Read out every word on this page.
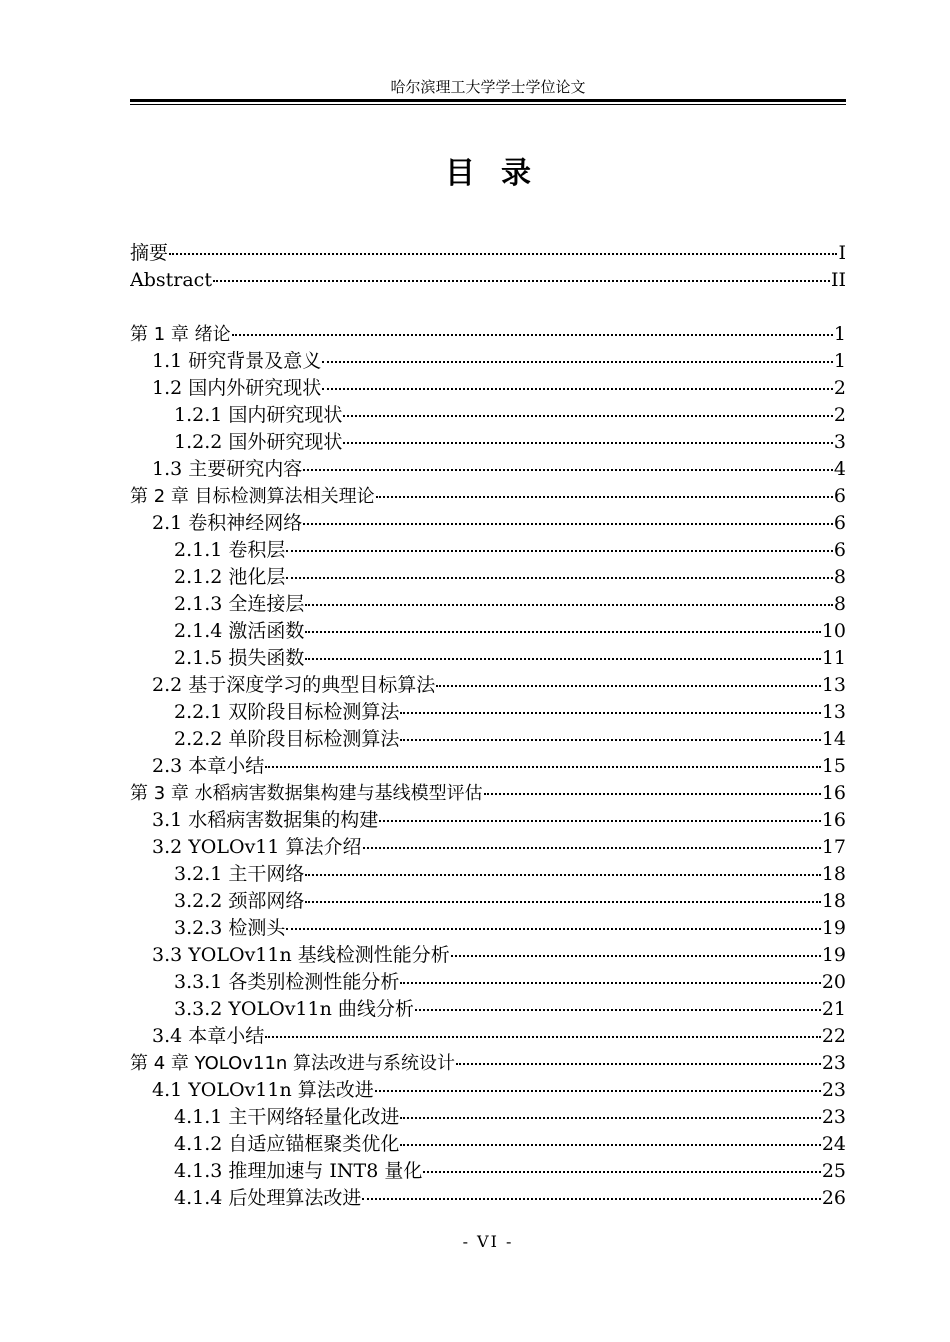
哈尔滨理工大学学士学位论文
目录
摘要	I
Abstract	II
第 1 章 绪论	1
1.1 研究背景及意义	1
1.2 国内外研究现状	2
1.2.1 国内研究现状	2
1.2.2 国外研究现状	3
1.3 主要研究内容	4
第 2 章 目标检测算法相关理论	6
2.1 卷积神经网络	6
2.1.1 卷积层	6
2.1.2 池化层	8
2.1.3 全连接层	8
2.1.4 激活函数	10
2.1.5 损失函数	11
2.2 基于深度学习的典型目标算法	13
2.2.1 双阶段目标检测算法	13
2.2.2 单阶段目标检测算法	14
2.3 本章小结	15
第 3 章 水稻病害数据集构建与基线模型评估	16
3.1 水稻病害数据集的构建	16
3.2 YOLOv11 算法介绍	17
3.2.1 主干网络	18
3.2.2 颈部网络	18
3.2.3 检测头	19
3.3 YOLOv11n 基线检测性能分析	19
3.3.1 各类别检测性能分析	20
3.3.2 YOLOv11n 曲线分析	21
3.4 本章小结	22
第 4 章 YOLOv11n 算法改进与系统设计	23
4.1 YOLOv11n 算法改进	23
4.1.1 主干网络轻量化改进	23
4.1.2 自适应锚框聚类优化	24
4.1.3 推理加速与 INT8 量化	25
4.1.4 后处理算法改进	26
- VI -
